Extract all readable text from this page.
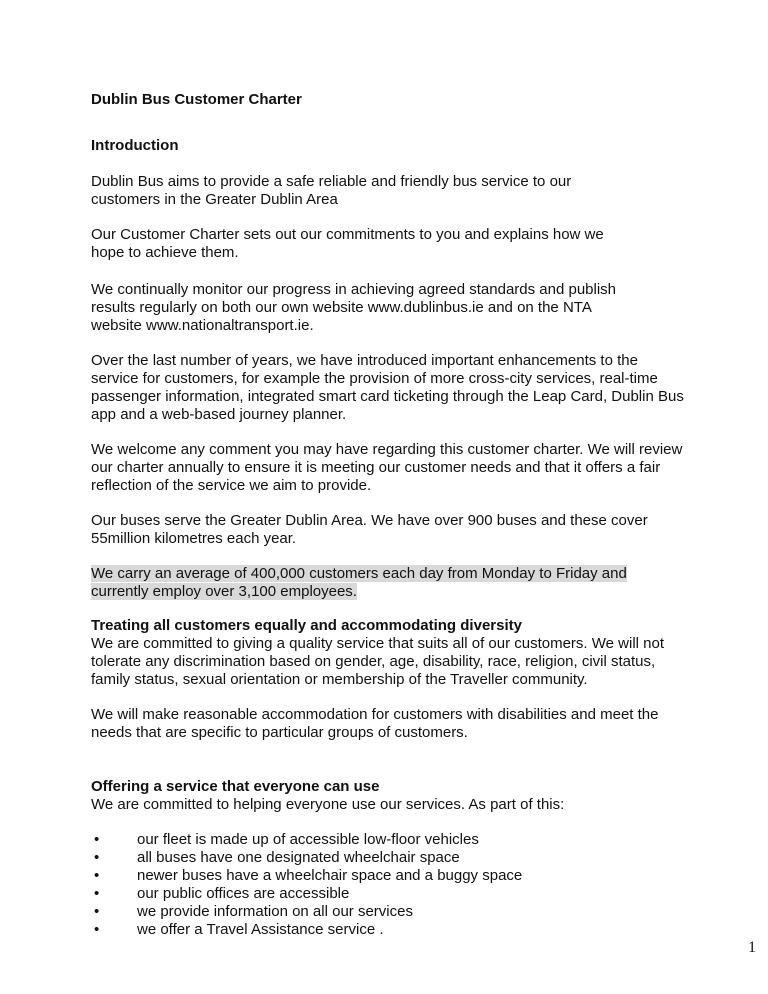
Dublin Bus Customer Charter

Introduction

Dublin Bus aims to provide a safe reliable and friendly bus service to our customers in the Greater Dublin Area

Our Customer Charter sets out our commitments to you and explains how we hope to achieve them.

We continually monitor our progress in achieving agreed standards and publish results regularly on both our own website www.dublinbus.ie and on the NTA website www.nationaltransport.ie.

Over the last number of years, we have introduced important enhancements to the service for customers, for example the provision of more cross-city services, real-time passenger information, integrated smart card ticketing through the Leap Card, Dublin Bus app and a web-based journey planner.

We welcome any comment you may have regarding this customer charter. We will review our charter annually to ensure it is meeting our customer needs and that it offers a fair reflection of the service we aim to provide.

Our buses serve the Greater Dublin Area. We have over 900 buses and these cover 55million kilometres each year.

We carry an average of 400,000 customers each day from Monday to Friday and currently employ over 3,100 employees.

Treating all customers equally and accommodating diversity

We are committed to giving a quality service that suits all of our customers. We will not tolerate any discrimination based on gender, age, disability, race, religion, civil status, family status, sexual orientation or membership of the Traveller community.

We will make reasonable accommodation for customers with disabilities and meet the needs that are specific to particular groups of customers.

Offering a service that everyone can use

We are committed to helping everyone use our services. As part of this:

•	our fleet is made up of accessible low-floor vehicles
•	all buses have one designated wheelchair space
•	newer buses have a wheelchair space and a buggy space
•	our public offices are accessible
•	we provide information on all our services
•	we offer a Travel Assistance service .
1
